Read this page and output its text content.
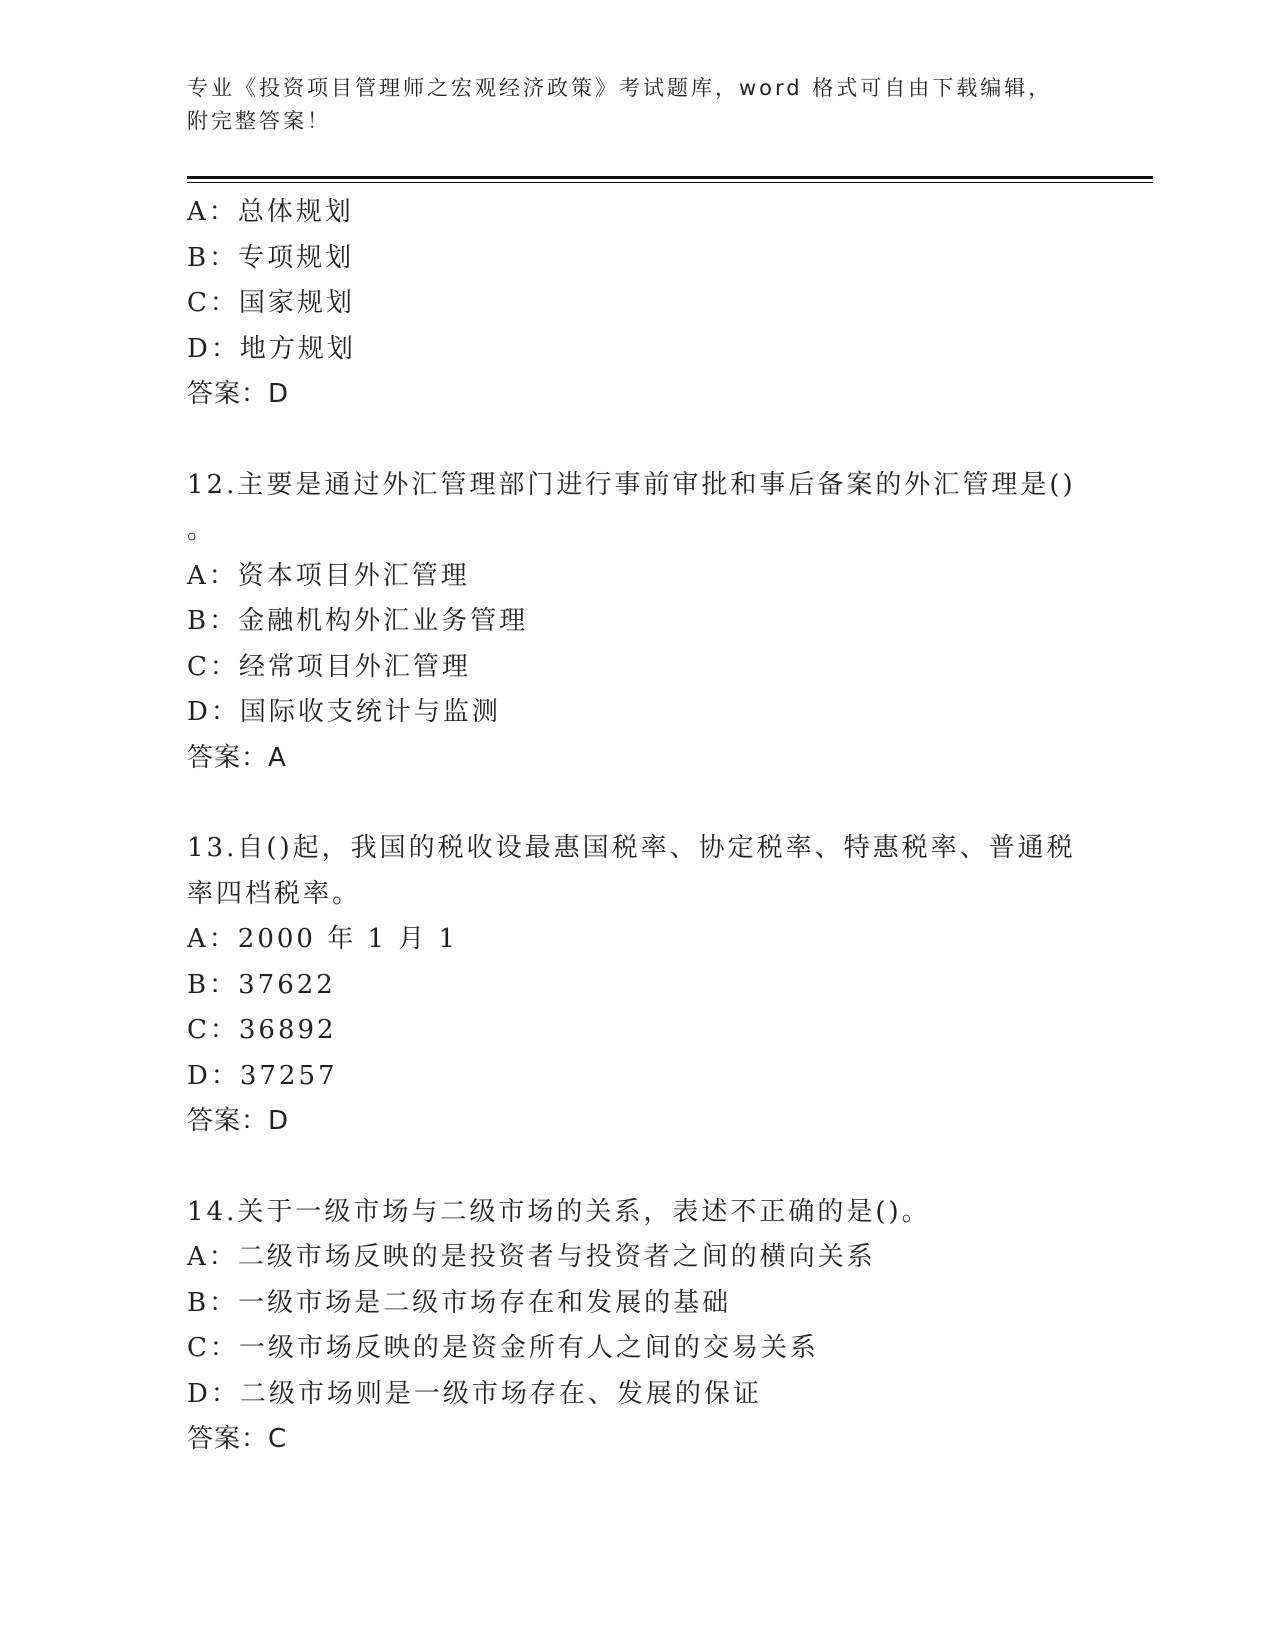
专业《投资项目管理师之宏观经济政策》考试题库，word 格式可自由下载编辑，
附完整答案！
A：总体规划
B：专项规划
C：国家规划
D：地方规划
答案：D
12.主要是通过外汇管理部门进行事前审批和事后备案的外汇管理是()
。
A：资本项目外汇管理
B：金融机构外汇业务管理
C：经常项目外汇管理
D：国际收支统计与监测
答案：A
13.自()起，我国的税收设最惠国税率、协定税率、特惠税率、普通税
率四档税率。
A：2000 年 1 月 1
B：37622
C：36892
D：37257
答案：D
14.关于一级市场与二级市场的关系，表述不正确的是()。
A：二级市场反映的是投资者与投资者之间的横向关系
B：一级市场是二级市场存在和发展的基础
C：一级市场反映的是资金所有人之间的交易关系
D：二级市场则是一级市场存在、发展的保证
答案：C
